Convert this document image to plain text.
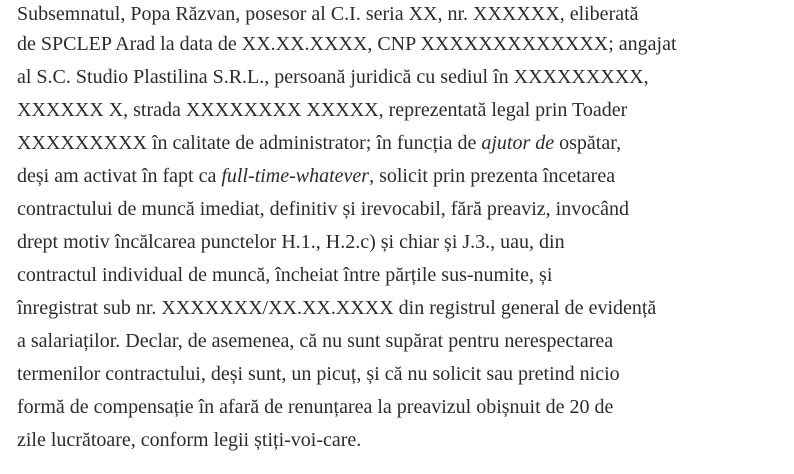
Subsemnatul, Popa Răzvan, posesor al C.I. seria XX, nr. XXXXXX, eliberată
de SPCLEP Arad la data de XX.XX.XXXX, CNP XXXXXXXXXXXXX; angajat
al S.C. Studio Plastilina S.R.L., persoană juridică cu sediul în XXXXXXXXX,
XXXXXX X, strada XXXXXXXX XXXXX, reprezentată legal prin Toader
XXXXXXXXX în calitate de administrator; în funcția de ajutor de ospătar,
deși am activat în fapt ca full-time-whatever, solicit prin prezenta încetarea
contractului de muncă imediat, definitiv și irevocabil, fără preaviz, invocând
drept motiv încălcarea punctelor H.1., H.2.c) și chiar și J.3., uau, din
contractul individual de muncă, încheiat între părțile sus-numite, și
înregistrat sub nr. XXXXXXX/XX.XX.XXXX din registrul general de evidență
a salariaților. Declar, de asemenea, că nu sunt supărat pentru nerespectarea
termenilor contractului, deși sunt, un picuț, și că nu solicit sau pretind nicio
formă de compensație în afară de renunțarea la preavizul obișnuit de 20 de
zile lucrătoare, conform legii știți-voi-care.
